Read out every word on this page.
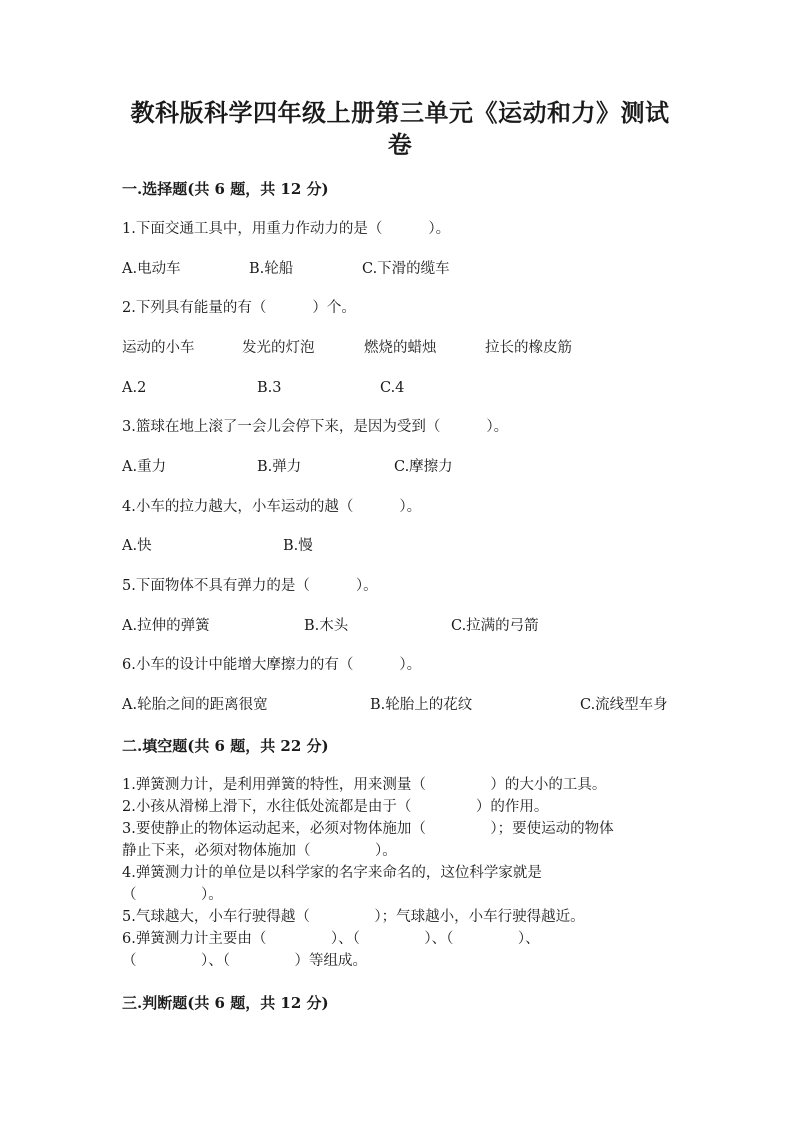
教科版科学四年级上册第三单元《运动和力》测试
卷
一.选择题(共 6 题，共 12 分)
1.下面交通工具中，用重力作动力的是（          ）。
A.电动车	B.轮船	C.下滑的缆车
2.下列具有能量的有（          ）个。
运动的小车	发光的灯泡	燃烧的蜡烛	拉长的橡皮筋
A.2	B.3	C.4
3.篮球在地上滚了一会儿会停下来，是因为受到（          ）。
A.重力	B.弹力	C.摩擦力
4.小车的拉力越大，小车运动的越（          ）。
A.快	B.慢
5.下面物体不具有弹力的是（          ）。
A.拉伸的弹簧	B.木头	C.拉满的弓箭
6.小车的设计中能增大摩擦力的有（          ）。
A.轮胎之间的距离很宽	B.轮胎上的花纹	C.流线型车身
二.填空题(共 6 题，共 22 分)
1.弹簧测力计，是利用弹簧的特性，用来测量（              ）的大小的工具。
2.小孩从滑梯上滑下，水往低处流都是由于（              ）的作用。
3.要使静止的物体运动起来，必须对物体施加（              ）；要使运动的物体
静止下来，必须对物体施加（              ）。
4.弹簧测力计的单位是以科学家的名字来命名的，这位科学家就是
（              ）。
5.气球越大，小车行驶得越（              ）；气球越小，小车行驶得越近。
6.弹簧测力计主要由（              ）、（              ）、（              ）、
（              ）、（              ）等组成。
三.判断题(共 6 题，共 12 分)
